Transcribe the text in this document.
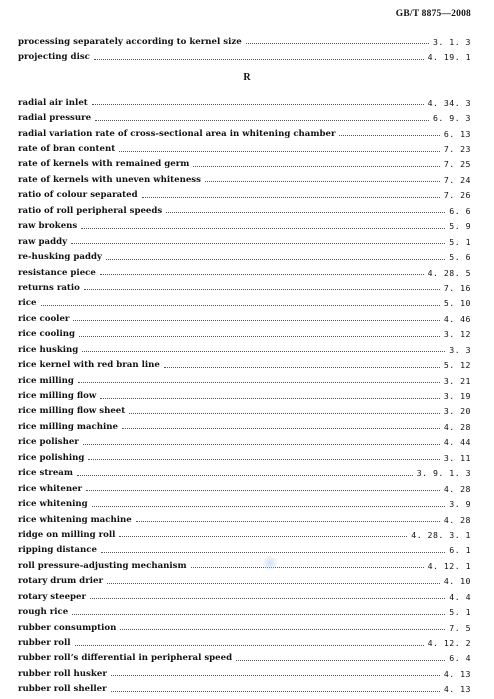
GB/T 8875—2008
processing separately according to kernel size	3. 1. 3
projecting disc	4. 19. 1
R
radial air inlet	4. 34. 3
radial pressure	6. 9. 3
radial variation rate of cross-sectional area in whitening chamber	6. 13
rate of bran content	7. 23
rate of kernels with remained germ	7. 25
rate of kernels with uneven whiteness	7. 24
ratio of colour separated	7. 26
ratio of roll peripheral speeds	6. 6
raw brokens	5. 9
raw paddy	5. 1
re-husking paddy	5. 6
resistance piece	4. 28. 5
returns ratio	7. 16
rice	5. 10
rice cooler	4. 46
rice cooling	3. 12
rice husking	3. 3
rice kernel with red bran line	5. 12
rice milling	3. 21
rice milling flow	3. 19
rice milling flow sheet	3. 20
rice milling machine	4. 28
rice polisher	4. 44
rice polishing	3. 11
rice stream	3. 9. 1. 3
rice whitener	4. 28
rice whitening	3. 9
rice whitening machine	4. 28
ridge on milling roll	4. 28. 3. 1
ripping distance	6. 1
roll pressure-adjusting mechanism	4. 12. 1
rotary drum drier	4. 10
rotary steeper	4. 4
rough rice	5. 1
rubber consumption	7. 5
rubber roll	4. 12. 2
rubber roll’s differential in peripheral speed	6. 4
rubber roll husker	4. 13
rubber roll sheller	4. 13
